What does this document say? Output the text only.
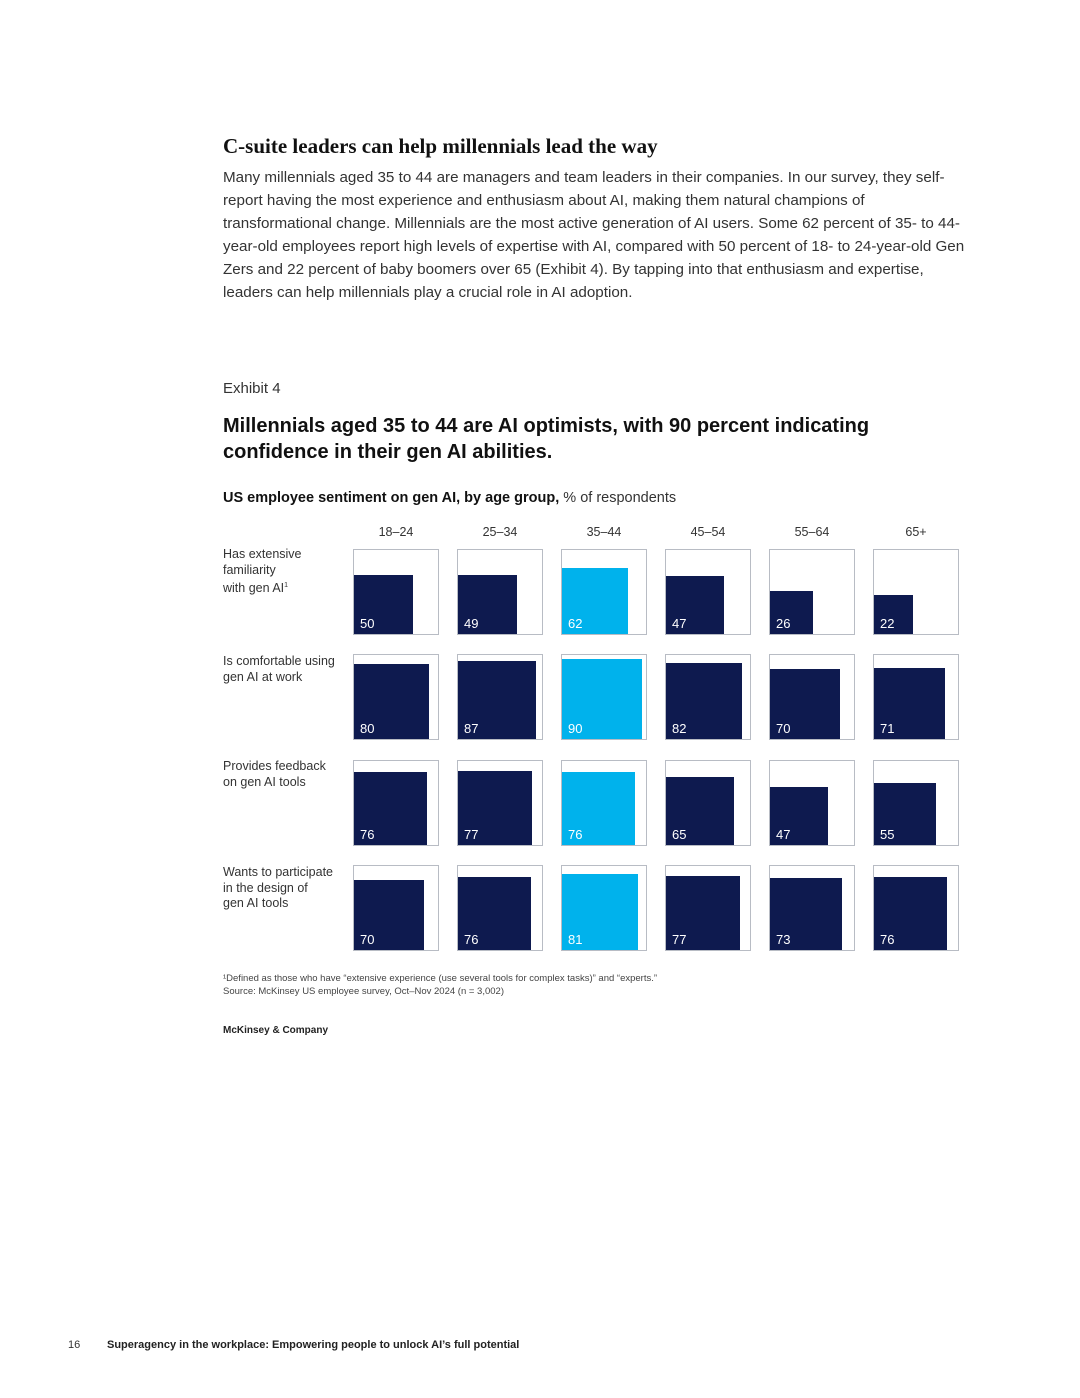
C-suite leaders can help millennials lead the way
Many millennials aged 35 to 44 are managers and team leaders in their companies. In our survey, they self-report having the most experience and enthusiasm about AI, making them natural champions of transformational change. Millennials are the most active generation of AI users. Some 62 percent of 35- to 44-year-old employees report high levels of expertise with AI, compared with 50 percent of 18- to 24-year-old Gen Zers and 22 percent of baby boomers over 65 (Exhibit 4). By tapping into that enthusiasm and expertise, leaders can help millennials play a crucial role in AI adoption.
Exhibit 4
Millennials aged 35 to 44 are AI optimists, with 90 percent indicating confidence in their gen AI abilities.
US employee sentiment on gen AI, by age group, % of respondents
18–24	25–34	35–44	45–54	55–64	65+
Has extensive
familiarity
with gen $AI^1$
50	49	62	47	26	22
Is comfortable using
gen AI at work
80	87	90	82	70	71
Provides feedback
on gen AI tools
76	77	76	65	47	55
Wants to participate
in the design of
gen AI tools
70	76	81	77	73	76
¹Defined as those who have “extensive experience (use several tools for complex tasks)” and “experts.”
Source: McKinsey US employee survey, Oct–Nov 2024 (n = 3,002)
McKinsey & Company
16 Superagency in the workplace: Empowering people to unlock AI’s full potential
